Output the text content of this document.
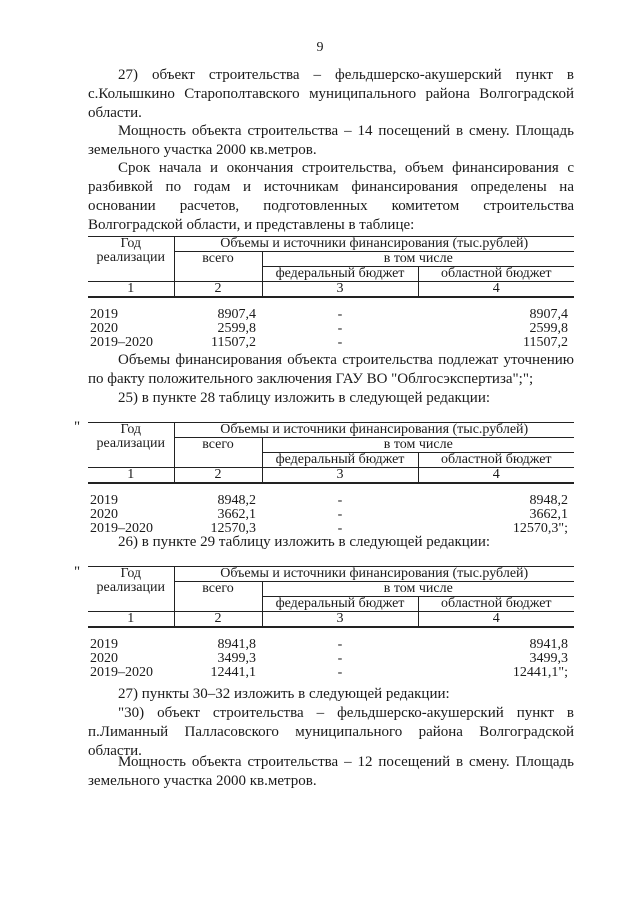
9
27) объект строительства – фельдшерско-акушерский пункт в с.Колышкино Старополтавского муниципального района Волгоградской области.
Мощность объекта строительства – 14 посещений в смену. Площадь земельного участка 2000 кв.метров.
Срок начала и окончания строительства, объем финансирования с разбивкой по годам и источникам финансирования определены на основании расчетов, подготовленных комитетом строительства Волгоградской области, и представлены в таблице:
Год реализации	Объемы и источники финансирования (тыс.рублей)		
	всего	в том числе	
		федеральный бюджет	областной бюджет
1	2	3	4

2019	8907,4	-	8907,4
2020	2599,8	-	2599,8
2019–2020	11507,2	-	11507,2
Объемы финансирования объекта строительства подлежат уточнению по факту положительного заключения ГАУ ВО "Облгосэкспертиза";";
25) в пункте 28 таблицу изложить в следующей редакции:
"	Год реализации	Объемы и источники финансирования (тыс.рублей)		
	всего	в том числе	
		федеральный бюджет	областной бюджет
1	2	3	4

2019	8948,2	-	8948,2
2020	3662,1	-	3662,1
2019–2020	12570,3	-	12570,3";
26) в пункте 29 таблицу изложить в следующей редакции:
"	Год реализации	Объемы и источники финансирования (тыс.рублей)		
	всего	в том числе	
		федеральный бюджет	областной бюджет
1	2	3	4

2019	8941,8	-	8941,8
2020	3499,3	-	3499,3
2019–2020	12441,1	-	12441,1";
27) пункты 30–32 изложить в следующей редакции:
"30) объект строительства – фельдшерско-акушерский пункт в п.Лиманный Палласовского муниципального района Волгоградской области.
Мощность объекта строительства – 12 посещений в смену. Площадь земельного участка 2000 кв.метров.
